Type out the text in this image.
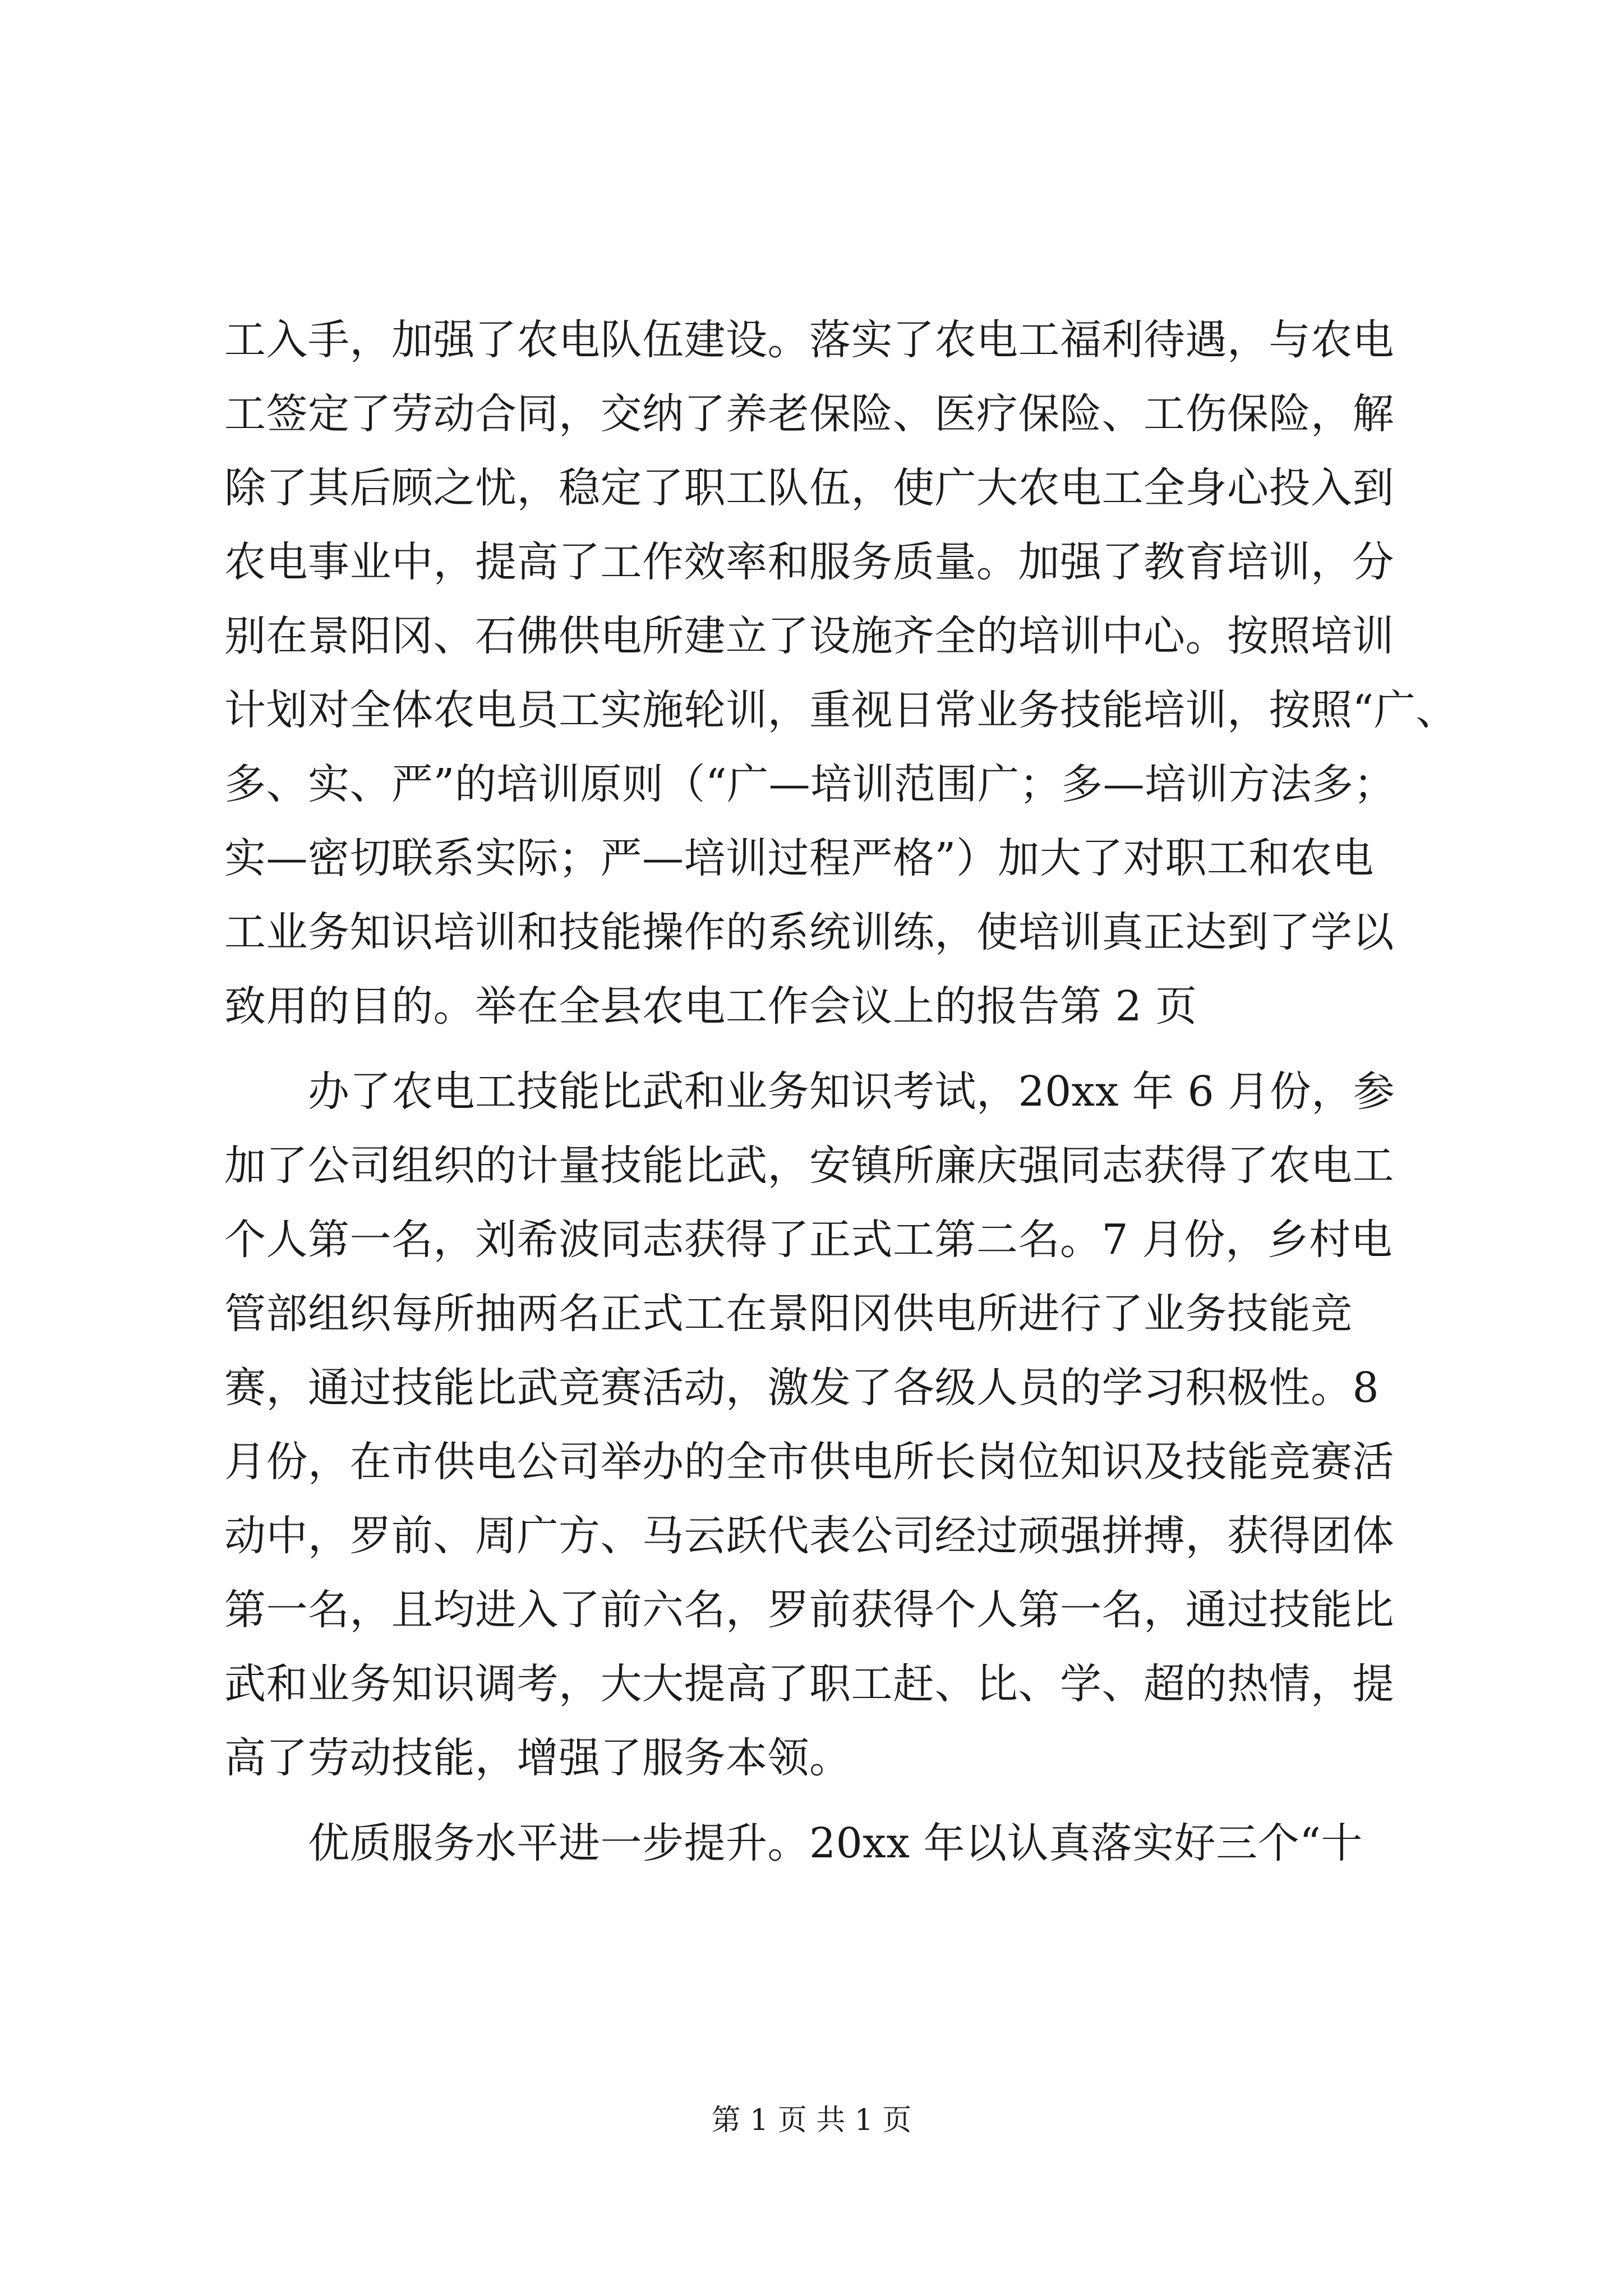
工入手，加强了农电队伍建设。落实了农电工福利待遇，与农电
工签定了劳动合同，交纳了养老保险、医疗保险、工伤保险，解
除了其后顾之忧，稳定了职工队伍，使广大农电工全身心投入到
农电事业中，提高了工作效率和服务质量。加强了教育培训，分
别在景阳冈、石佛供电所建立了设施齐全的培训中心。按照培训
计划对全体农电员工实施轮训，重视日常业务技能培训，按照“广、
多、实、严”的培训原则（“广—培训范围广；多—培训方法多；
实—密切联系实际；严—培训过程严格”）加大了对职工和农电
工业务知识培训和技能操作的系统训练，使培训真正达到了学以
致用的目的。举在全县农电工作会议上的报告第 2 页
　　办了农电工技能比武和业务知识考试，20xx 年 6 月份，参
加了公司组织的计量技能比武，安镇所廉庆强同志获得了农电工
个人第一名，刘希波同志获得了正式工第二名。7 月份，乡村电
管部组织每所抽两名正式工在景阳冈供电所进行了业务技能竞
赛，通过技能比武竞赛活动，激发了各级人员的学习积极性。8
月份，在市供电公司举办的全市供电所长岗位知识及技能竞赛活
动中，罗前、周广方、马云跃代表公司经过顽强拼搏，获得团体
第一名，且均进入了前六名，罗前获得个人第一名，通过技能比
武和业务知识调考，大大提高了职工赶、比、学、超的热情，提
高了劳动技能，增强了服务本领。
　　优质服务水平进一步提升。20xx 年以认真落实好三个“十
第 1 页 共 1 页
